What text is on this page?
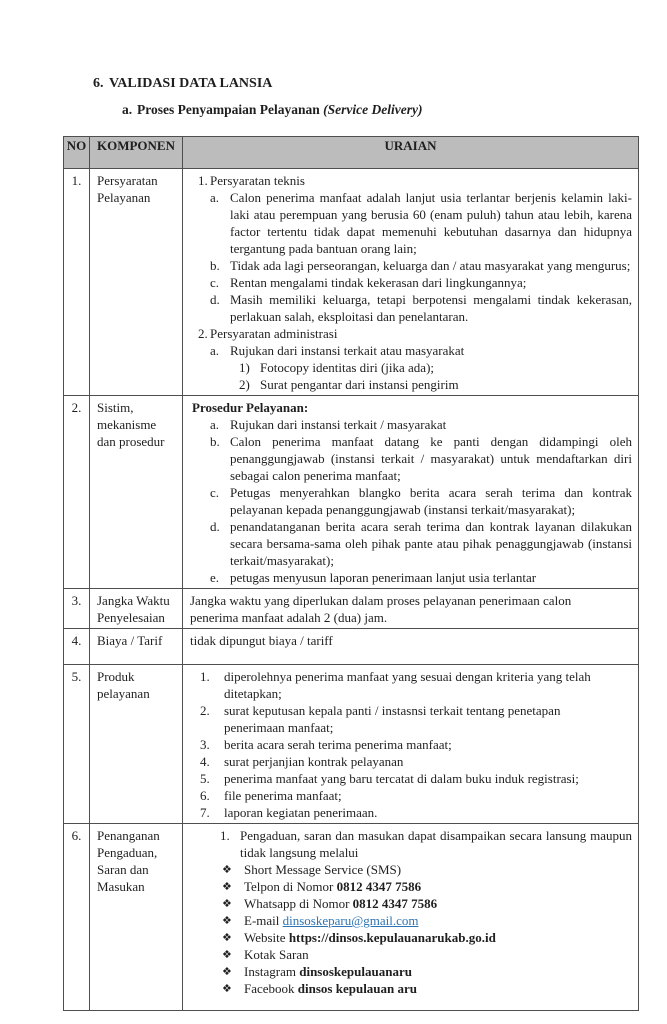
6. VALIDASI DATA LANSIA
a. Proses Penyampaian Pelayanan (Service Delivery)
NO	KOMPONEN	URAIAN
1.	Persyaratan Pelayanan	
1. Persyaratan teknis
a. Calon penerima manfaat adalah lanjut usia terlantar berjenis kelamin laki-laki atau perempuan yang berusia 60 (enam puluh) tahun atau lebih, karena factor tertentu tidak dapat memenuhi kebutuhan dasarnya dan hidupnya tergantung pada bantuan orang lain;
b. Tidak ada lagi perseorangan, keluarga dan / atau masyarakat yang mengurus;
c. Rentan mengalami tindak kekerasan dari lingkungannya;
d. Masih memiliki keluarga, tetapi berpotensi mengalami tindak kekerasan, perlakuan salah, eksploitasi dan penelantaran.
2. Persyaratan administrasi
a. Rujukan dari instansi terkait atau masyarakat
1) Fotocopy identitas diri (jika ada);
2) Surat pengantar dari instansi pengirim

2.	Sistim, mekanisme dan prosedur	
Prosedur Pelayanan:
a. Rujukan dari instansi terkait / masyarakat
b. Calon penerima manfaat datang ke panti dengan didampingi oleh penanggungjawab (instansi terkait / masyarakat) untuk mendaftarkan diri sebagai calon penerima manfaat;
c. Petugas menyerahkan blangko berita acara serah terima dan kontrak pelayanan kepada penanggungjawab (instansi terkait/masyarakat);
d. penandatanganan berita acara serah terima dan kontrak layanan dilakukan secara bersama-sama oleh pihak pante atau pihak penaggungjawab (instansi terkait/masyarakat);
e. petugas menyusun laporan penerimaan lanjut usia terlantar

3.	Jangka Waktu Penyelesaian	Jangka waktu yang diperlukan dalam proses pelayanan penerimaan calon penerima manfaat adalah 2 (dua) jam.

4.	Biaya / Tarif	tidak dipungut biaya / tariff

5.	Produk pelayanan	
1. diperolehnya penerima manfaat yang sesuai dengan kriteria yang telah ditetapkan;
2. surat keputusan kepala panti / instasnsi terkait tentang penetapan penerimaan manfaat;
3. berita acara serah terima penerima manfaat;
4. surat perjanjian kontrak pelayanan
5. penerima manfaat yang baru tercatat di dalam buku induk registrasi;
6. file penerima manfaat;
7. laporan kegiatan penerimaan.

6.	Penanganan Pengaduan, Saran dan Masukan	
1. Pengaduan, saran dan masukan dapat disampaikan secara lansung maupun tidak langsung melalui
❖ Short Message Service (SMS)
❖ Telpon di Nomor 0812 4347 7586
❖ Whatsapp di Nomor 0812 4347 7586
❖ E-mail dinsoskeparu@gmail.com
❖ Website https://dinsos.kepulauanarukab.go.id
❖ Kotak Saran
❖ Instagram dinsoskepulauanaru
❖ Facebook dinsos kepulauan aru
